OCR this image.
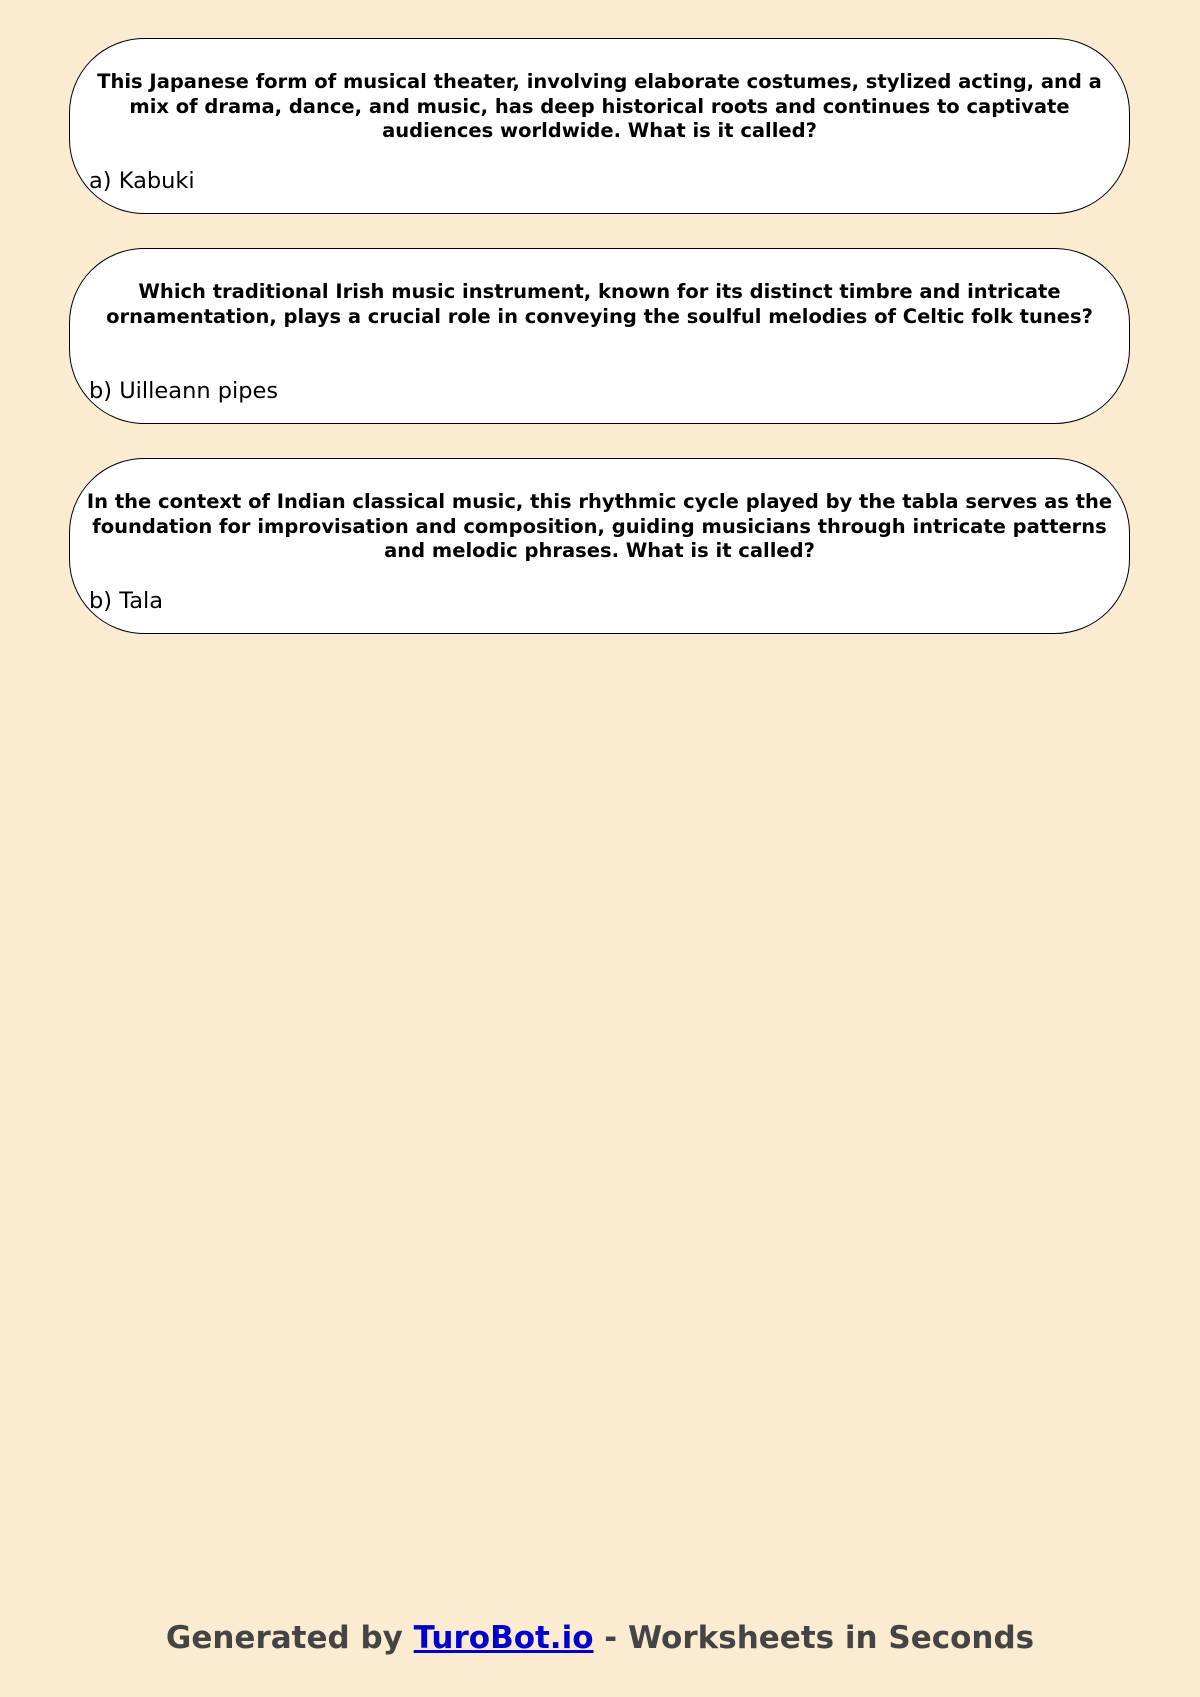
This Japanese form of musical theater, involving elaborate costumes, stylized acting, and a mix of drama, dance, and music, has deep historical roots and continues to captivate audiences worldwide. What is it called?

a) Kabuki

Which traditional Irish music instrument, known for its distinct timbre and intricate ornamentation, plays a crucial role in conveying the soulful melodies of Celtic folk tunes?

b) Uilleann pipes

In the context of Indian classical music, this rhythmic cycle played by the tabla serves as the foundation for improvisation and composition, guiding musicians through intricate patterns and melodic phrases. What is it called?

b) Tala
Generated by TuroBot.io - Worksheets in Seconds
